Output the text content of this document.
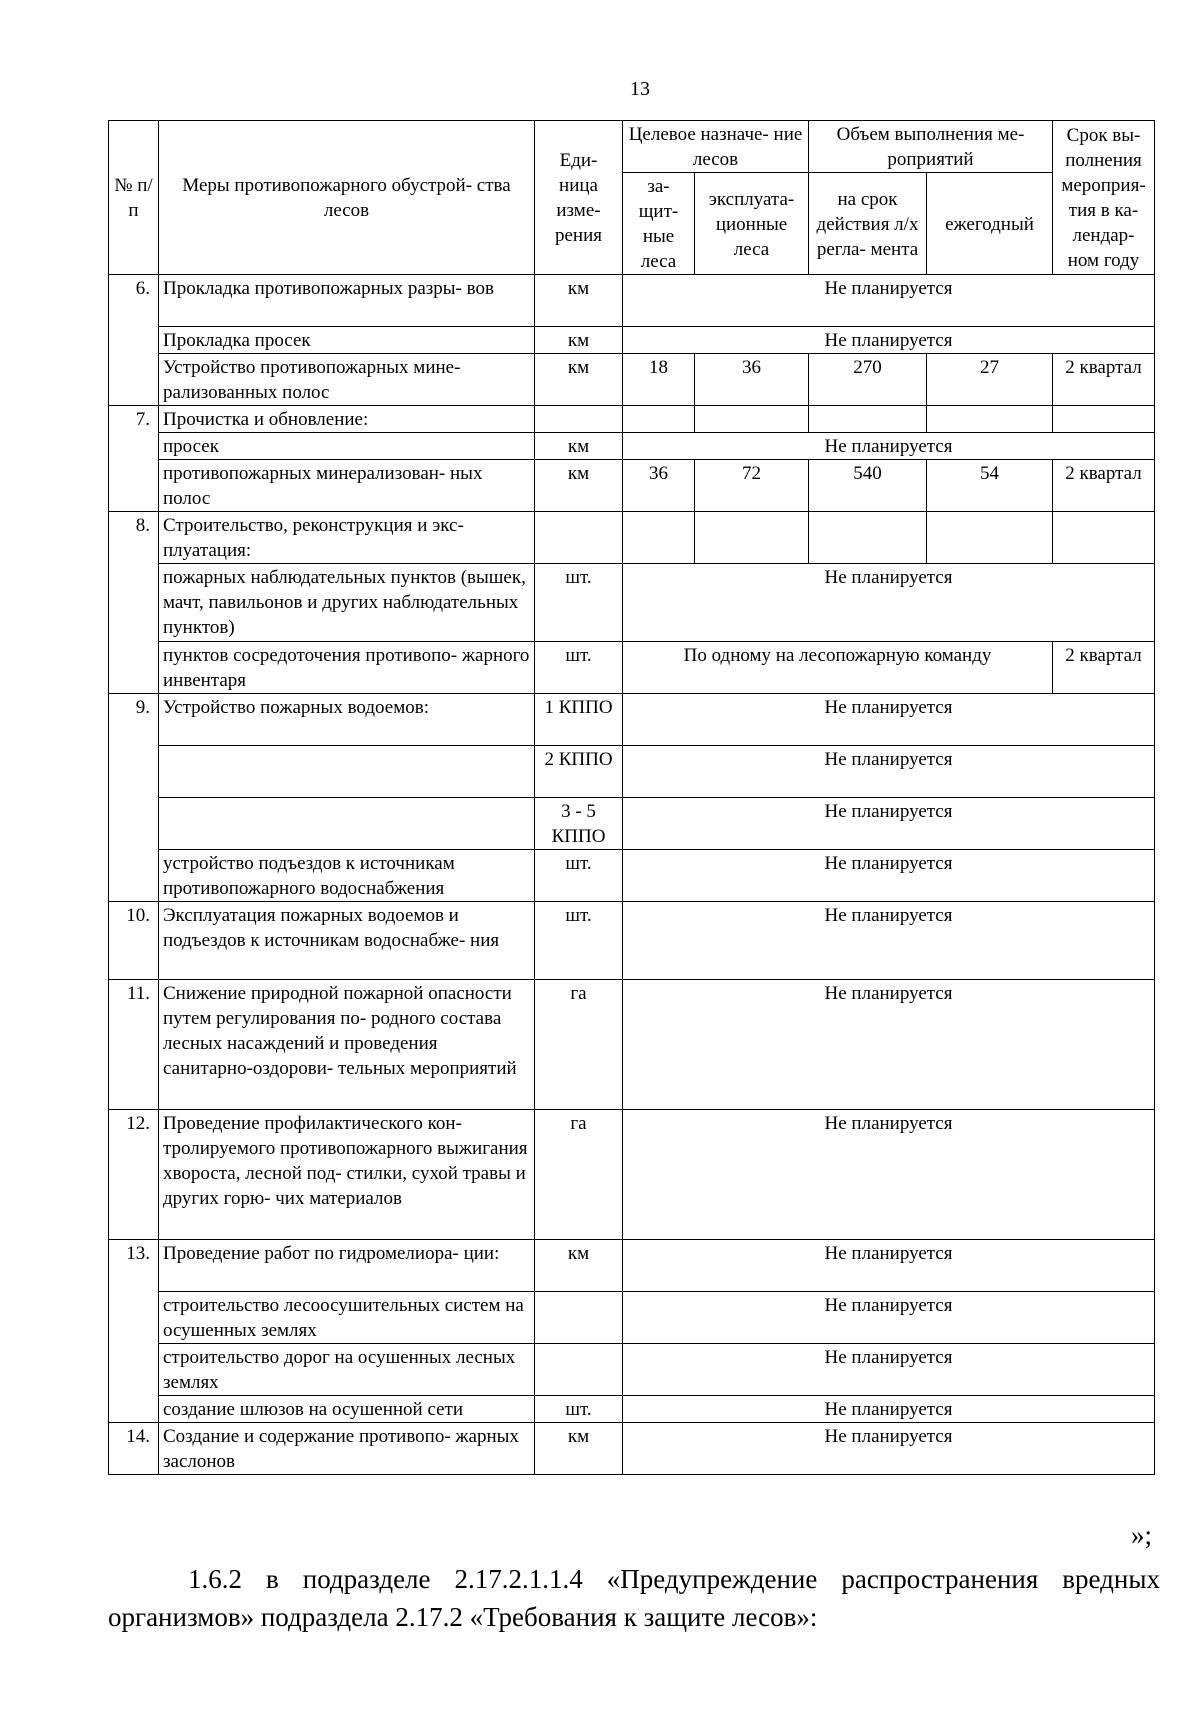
13
№ п/п	Меры противопожарного обустрой- ства лесов	Еди- ница изме- рения	Целевое назначе- ние лесов		Объем выполнения ме- роприятий		Срок вы- полнения мероприя- тия в ка- лендар- ном году
			за- щит- ные леса	эксплуата- ционные леса	на срок действия л/х регла- мента	ежегодный	
6.	Прокладка противопожарных разры- вов	км	Не планируется				
	Прокладка просек	км	Не планируется				
	Устройство противопожарных мине- рализованных полос	км	18	36	270	27	2 квартал
7.	Прочистка и обновление:						
	просек	км	Не планируется				
	противопожарных минерализован- ных полос	км	36	72	540	54	2 квартал
8.	Строительство, реконструкция и экс- плуатация:						
	пожарных наблюдательных пунктов (вышек, мачт, павильонов и других наблюдательных пунктов)	шт.	Не планируется				
	пунктов сосредоточения противопо- жарного инвентаря	шт.	По одному на лесопожарную команду				2 квартал
9.	Устройство пожарных водоемов:	1 КППО	Не планируется				
		2 КППО	Не планируется				
		3 - 5 КППО	Не планируется				
	устройство подъездов к источникам противопожарного водоснабжения	шт.	Не планируется				
10.	Эксплуатация пожарных водоемов и подъездов к источникам водоснабже- ния	шт.	Не планируется				
11.	Снижение природной пожарной опасности путем регулирования по- родного состава лесных насаждений и проведения санитарно-оздорови- тельных мероприятий	га	Не планируется				
12.	Проведение профилактического кон- тролируемого противопожарного выжигания хвороста, лесной под- стилки, сухой травы и других горю- чих материалов	га	Не планируется				
13.	Проведение работ по гидромелиора- ции:	км	Не планируется				
	строительство лесоосушительных систем на осушенных землях		Не планируется				
	строительство дорог на осушенных лесных землях		Не планируется				
	создание шлюзов на осушенной сети	шт.	Не планируется				
14.	Создание и содержание противопо- жарных заслонов	км	Не планируется				
»;
1.6.2 в подразделе 2.17.2.1.1.4 «Предупреждение распространения вредных организмов» подраздела 2.17.2 «Требования к защите лесов»:
